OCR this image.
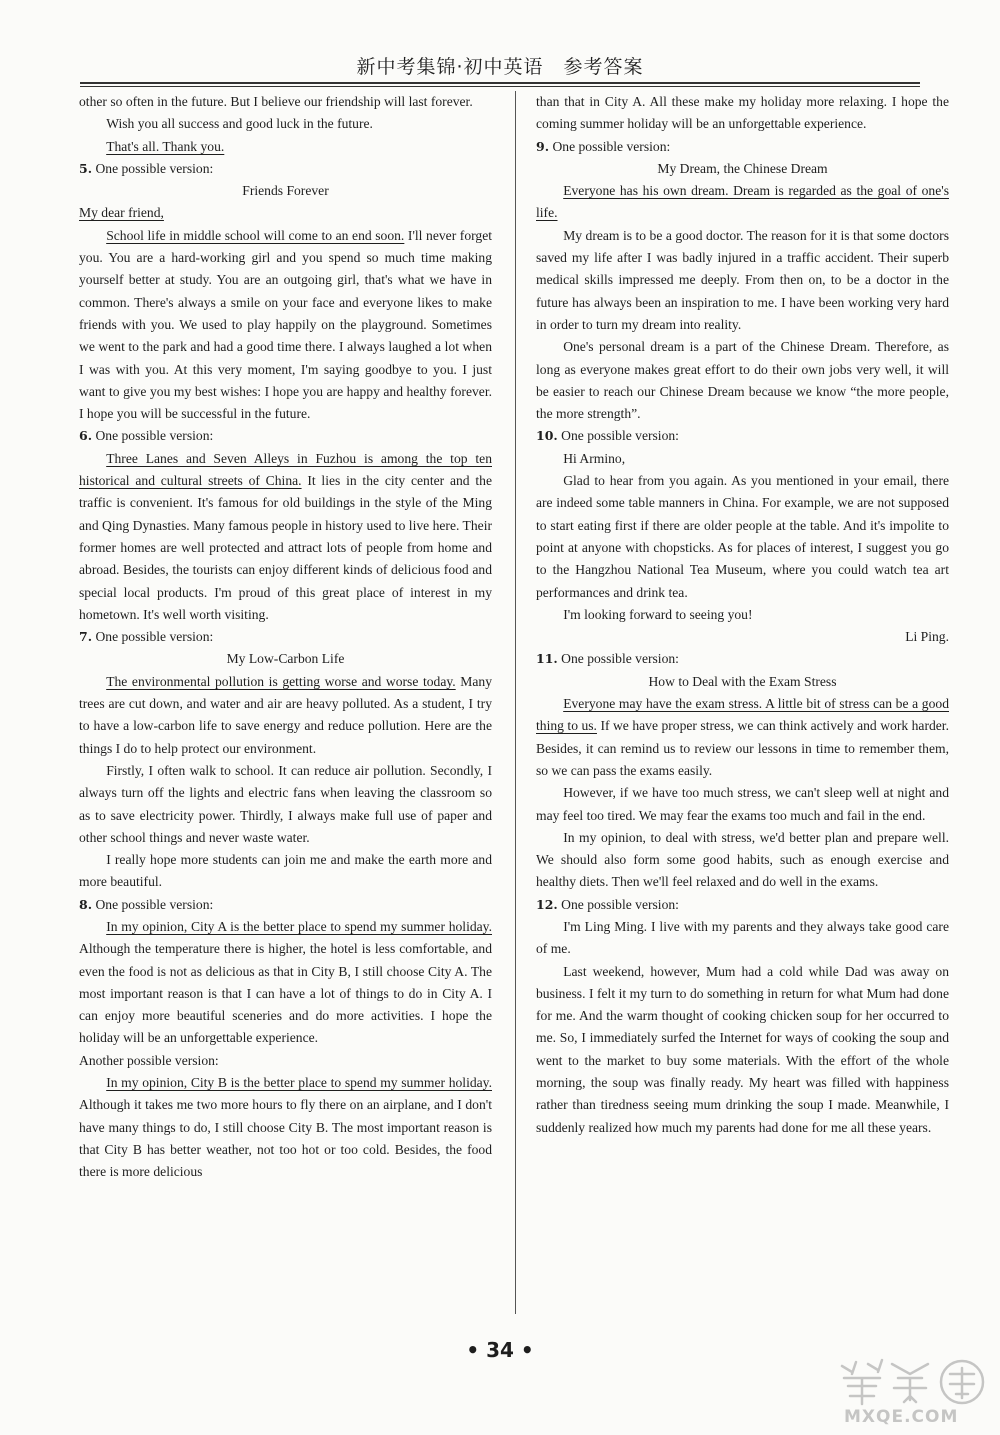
新中考集锦·初中英语　参考答案

other so often in the future. But I believe our friendship will last forever.

Wish you all success and good luck in the future.

That's all. Thank you.

5. One possible version:

Friends Forever

My dear friend,

School life in middle school will come to an end soon. I'll never forget you. You are a hard-working girl and you spend so much time making yourself better at study. You are an outgoing girl, that's what we have in common. There's always a smile on your face and everyone likes to make friends with you. We used to play happily on the playground. Sometimes we went to the park and had a good time there. I always laughed a lot when I was with you. At this very moment, I'm saying goodbye to you. I just want to give you my best wishes: I hope you are happy and healthy forever. I hope you will be successful in the future.

6. One possible version:

Three Lanes and Seven Alleys in Fuzhou is among the top ten historical and cultural streets of China. It lies in the city center and the traffic is convenient. It's famous for old buildings in the style of the Ming and Qing Dynasties. Many famous people in history used to live here. Their former homes are well protected and attract lots of people from home and abroad. Besides, the tourists can enjoy different kinds of delicious food and special local products. I'm proud of this great place of interest in my hometown. It's well worth visiting.

7. One possible version:

My Low-Carbon Life

The environmental pollution is getting worse and worse today. Many trees are cut down, and water and air are heavy polluted. As a student, I try to have a low-carbon life to save energy and reduce pollution. Here are the things I do to help protect our environment.

Firstly, I often walk to school. It can reduce air pollution. Secondly, I always turn off the lights and electric fans when leaving the classroom so as to save electricity power. Thirdly, I always make full use of paper and other school things and never waste water.

I really hope more students can join me and make the earth more and more beautiful.

8. One possible version:

In my opinion, City A is the better place to spend my summer holiday. Although the temperature there is higher, the hotel is less comfortable, and even the food is not as delicious as that in City B, I still choose City A. The most important reason is that I can have a lot of things to do in City A. I can enjoy more beautiful sceneries and do more activities. I hope the holiday will be an unforgettable experience.

Another possible version:

In my opinion, City B is the better place to spend my summer holiday. Although it takes me two more hours to fly there on an airplane, and I don't have many things to do, I still choose City B. The most important reason is that City B has better weather, not too hot or too cold. Besides, the food there is more delicious

than that in City A. All these make my holiday more relaxing. I hope the coming summer holiday will be an unforgettable experience.

9. One possible version:

My Dream, the Chinese Dream

Everyone has his own dream. Dream is regarded as the goal of one's life.

My dream is to be a good doctor. The reason for it is that some doctors saved my life after I was badly injured in a traffic accident. Their superb medical skills impressed me deeply. From then on, to be a doctor in the future has always been an inspiration to me. I have been working very hard in order to turn my dream into reality.

One's personal dream is a part of the Chinese Dream. Therefore, as long as everyone makes great effort to do their own jobs very well, it will be easier to reach our Chinese Dream because we know “the more people, the more strength”.

10. One possible version:

Hi Armino,

Glad to hear from you again. As you mentioned in your email, there are indeed some table manners in China. For example, we are not supposed to start eating first if there are older people at the table. And it's impolite to point at anyone with chopsticks. As for places of interest, I suggest you go to the Hangzhou National Tea Museum, where you could watch tea art performances and drink tea.

I'm looking forward to seeing you!

Li Ping.

11. One possible version:

How to Deal with the Exam Stress

Everyone may have the exam stress. A little bit of stress can be a good thing to us. If we have proper stress, we can think actively and work harder. Besides, it can remind us to review our lessons in time to remember them, so we can pass the exams easily.

However, if we have too much stress, we can't sleep well at night and may feel too tired. We may fear the exams too much and fail in the end.

In my opinion, to deal with stress, we'd better plan and prepare well. We should also form some good habits, such as enough exercise and healthy diets. Then we'll feel relaxed and do well in the exams.

12. One possible version:

I'm Ling Ming. I live with my parents and they always take good care of me.

Last weekend, however, Mum had a cold while Dad was away on business. I felt it my turn to do something in return for what Mum had done for me. And the warm thought of cooking chicken soup for her occurred to me. So, I immediately surfed the Internet for ways of cooking the soup and went to the market to buy some materials. With the effort of the whole morning, the soup was finally ready. My heart was filled with happiness rather than tiredness seeing mum drinking the soup I made. Meanwhile, I suddenly realized how much my parents had done for me all these years.

• 34 •
MXQE.COM
